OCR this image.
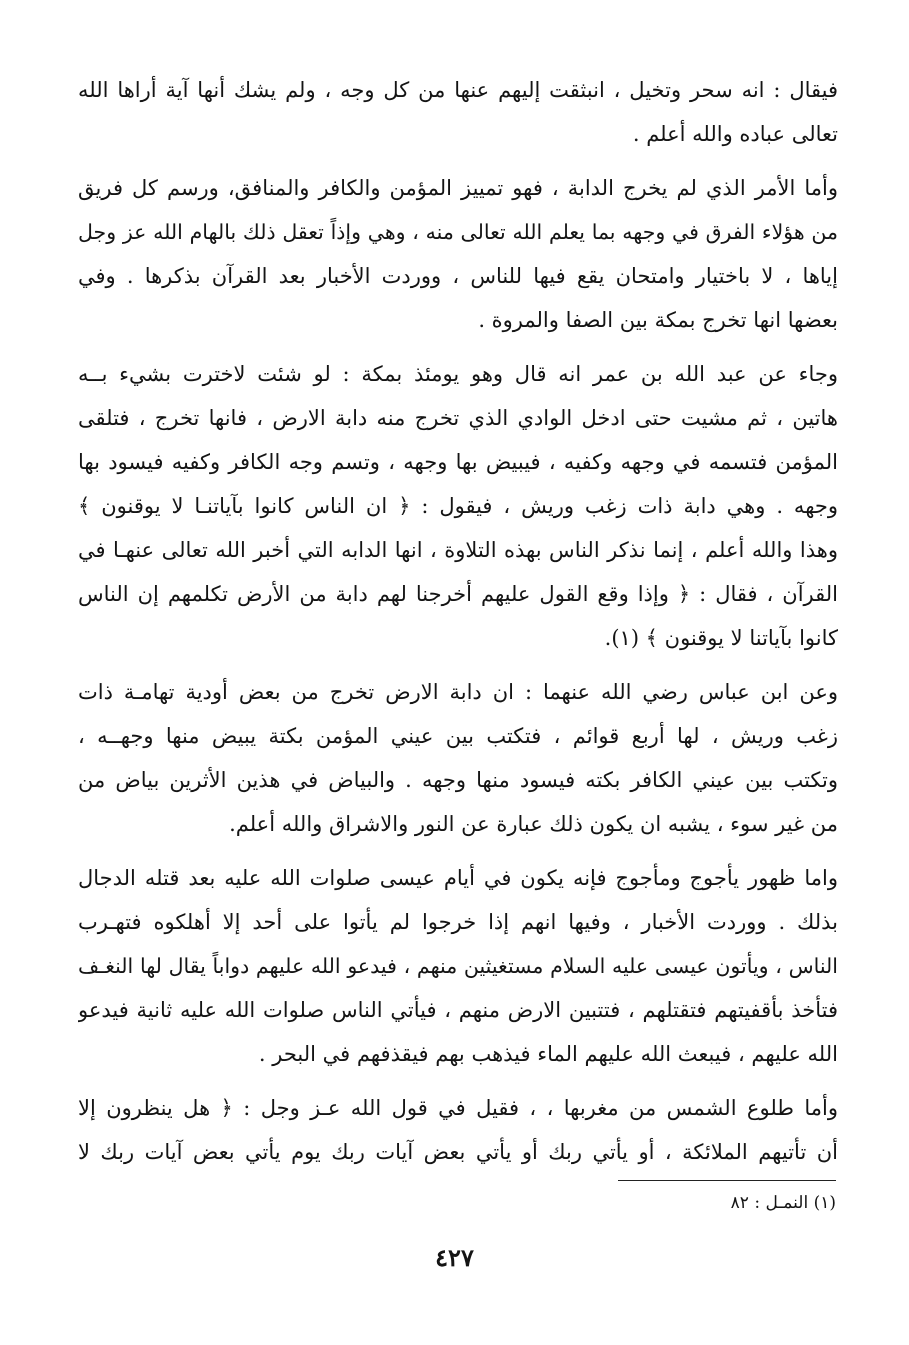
فيقال : انه سحر وتخيل ، انبثقت إليهم عنها من كل وجه ، ولم يشك أنها آية أراها الله
تعالى عباده والله أعلم .
وأما الأمر الذي لم يخرج الدابة ، فهو تمييز المؤمن والكافر والمنافق، ورسم كل فريق
من هؤلاء الفرق في وجهه بما يعلم الله تعالى منه ، وهي وإذاً تعقل ذلك بالهام الله عز وجل
إياها ، لا باختيار وامتحان يقع فيها للناس ، ووردت الأخبار بعد القرآن بذكرها . وفي
بعضها انها تخرج بمكة بين الصفا والمروة .
وجاء عن عبد الله بن عمر انه قال وهو يومئذ بمكة : لو شئت لاخترت بشيء بــه
هاتين ، ثم مشيت حتى ادخل الوادي الذي تخرج منه دابة الارض ، فانها تخرج ، فتلقى
المؤمن فتسمه في وجهه وكفيه ، فيبيض بها وجهه ، وتسم وجه الكافر وكفيه فيسود بها
وجهه . وهي دابة ذات زغب وريش ، فيقول : ﴿ ان الناس كانوا بآياتنـا لا يوقنون ﴾
وهذا والله أعلم ، إنما نذكر الناس بهذه التلاوة ، انها الدابه التي أخبر الله تعالى عنهـا في
القرآن ، فقال : ﴿ وإذا وقع القول عليهم أخرجنا لهم دابة من الأرض تكلمهم إن الناس
كانوا بآياتنا لا يوقنون ﴾ (١).
وعن ابن عباس رضي الله عنهما : ان دابة الارض تخرج من بعض أودية تهامـة ذات
زغب وريش ، لها أربع قوائم ، فتكتب بين عيني المؤمن بكتة يبيض منها وجهــه ،
وتكتب بين عيني الكافر بكته فيسود منها وجهه . والبياض في هذين الأثرين بياض من
من غير سوء ، يشبه ان يكون ذلك عبارة عن النور والاشراق والله أعلم.
واما ظهور يأجوج ومأجوج فإنه يكون في أيام عيسى صلوات الله عليه بعد قتله الدجال
بذلك . ووردت الأخبار ، وفيها انهم إذا خرجوا لم يأتوا على أحد إلا أهلكوه فتهـرب
الناس ، ويأتون عيسى عليه السلام مستغيثين منهم ، فيدعو الله عليهم دواباً يقال لها النغـف
فتأخذ بأقفيتهم فتقتلهم ، فتتبين الارض منهم ، فيأتي الناس صلوات الله عليه ثانية فيدعو
الله عليهم ، فيبعث الله عليهم الماء فيذهب بهم فيقذفهم في البحر .
وأما طلوع الشمس من مغربها ، ، فقيل في قول الله عـز وجل : ﴿ هل ينظرون إلا
أن تأتيهم الملائكة ، أو يأتي ربك أو يأتي بعض آيات ربك يوم يأتي بعض آيات ربك لا
(١) النمـل : ٨٢
٤٢٧
